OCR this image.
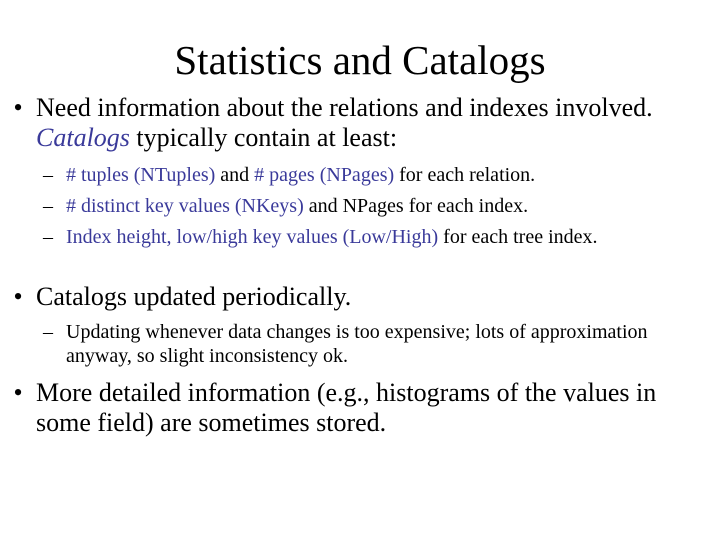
Statistics and Catalogs
• Need information about the relations and indexes involved. Catalogs typically contain at least:
– # tuples (NTuples) and # pages (NPages) for each relation.
– # distinct key values (NKeys) and NPages for each index.
– Index height, low/high key values (Low/High) for each tree index.
• Catalogs updated periodically.
– Updating whenever data changes is too expensive; lots of approximation anyway, so slight inconsistency ok.
• More detailed information (e.g., histograms of the values in some field) are sometimes stored.
